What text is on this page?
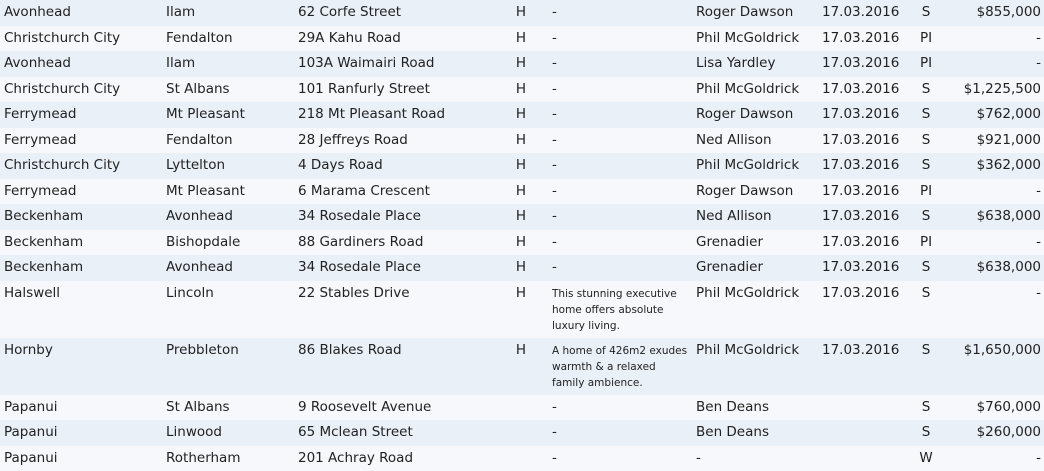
Avonhead	Ilam	62 Corfe Street	H	-	Roger Dawson	17.03.2016	S	$855,000
Christchurch City	Fendalton	29A Kahu Road	H	-	Phil McGoldrick	17.03.2016	PI	-
Avonhead	Ilam	103A Waimairi Road	H	-	Lisa Yardley	17.03.2016	PI	-
Christchurch City	St Albans	101 Ranfurly Street	H	-	Phil McGoldrick	17.03.2016	S	$1,225,500
Ferrymead	Mt Pleasant	218 Mt Pleasant Road	H	-	Roger Dawson	17.03.2016	S	$762,000
Ferrymead	Fendalton	28 Jeffreys Road	H	-	Ned Allison	17.03.2016	S	$921,000
Christchurch City	Lyttelton	4 Days Road	H	-	Phil McGoldrick	17.03.2016	S	$362,000
Ferrymead	Mt Pleasant	6 Marama Crescent	H	-	Roger Dawson	17.03.2016	PI	-
Beckenham	Avonhead	34 Rosedale Place	H	-	Ned Allison	17.03.2016	S	$638,000
Beckenham	Bishopdale	88 Gardiners Road	H	-	Grenadier	17.03.2016	PI	-
Beckenham	Avonhead	34 Rosedale Place	H	-	Grenadier	17.03.2016	S	$638,000
Halswell	Lincoln	22 Stables Drive	H	This stunning executive home offers absolute luxury living.	Phil McGoldrick	17.03.2016	S	-
Hornby	Prebbleton	86 Blakes Road	H	A home of 426m2 exudes warmth & a relaxed family ambience.	Phil McGoldrick	17.03.2016	S	$1,650,000
Papanui	St Albans	9 Roosevelt Avenue		-	Ben Deans		S	$760,000
Papanui	Linwood	65 Mclean Street		-	Ben Deans		S	$260,000
Papanui	Rotherham	201 Achray Road		-	-		W	-
